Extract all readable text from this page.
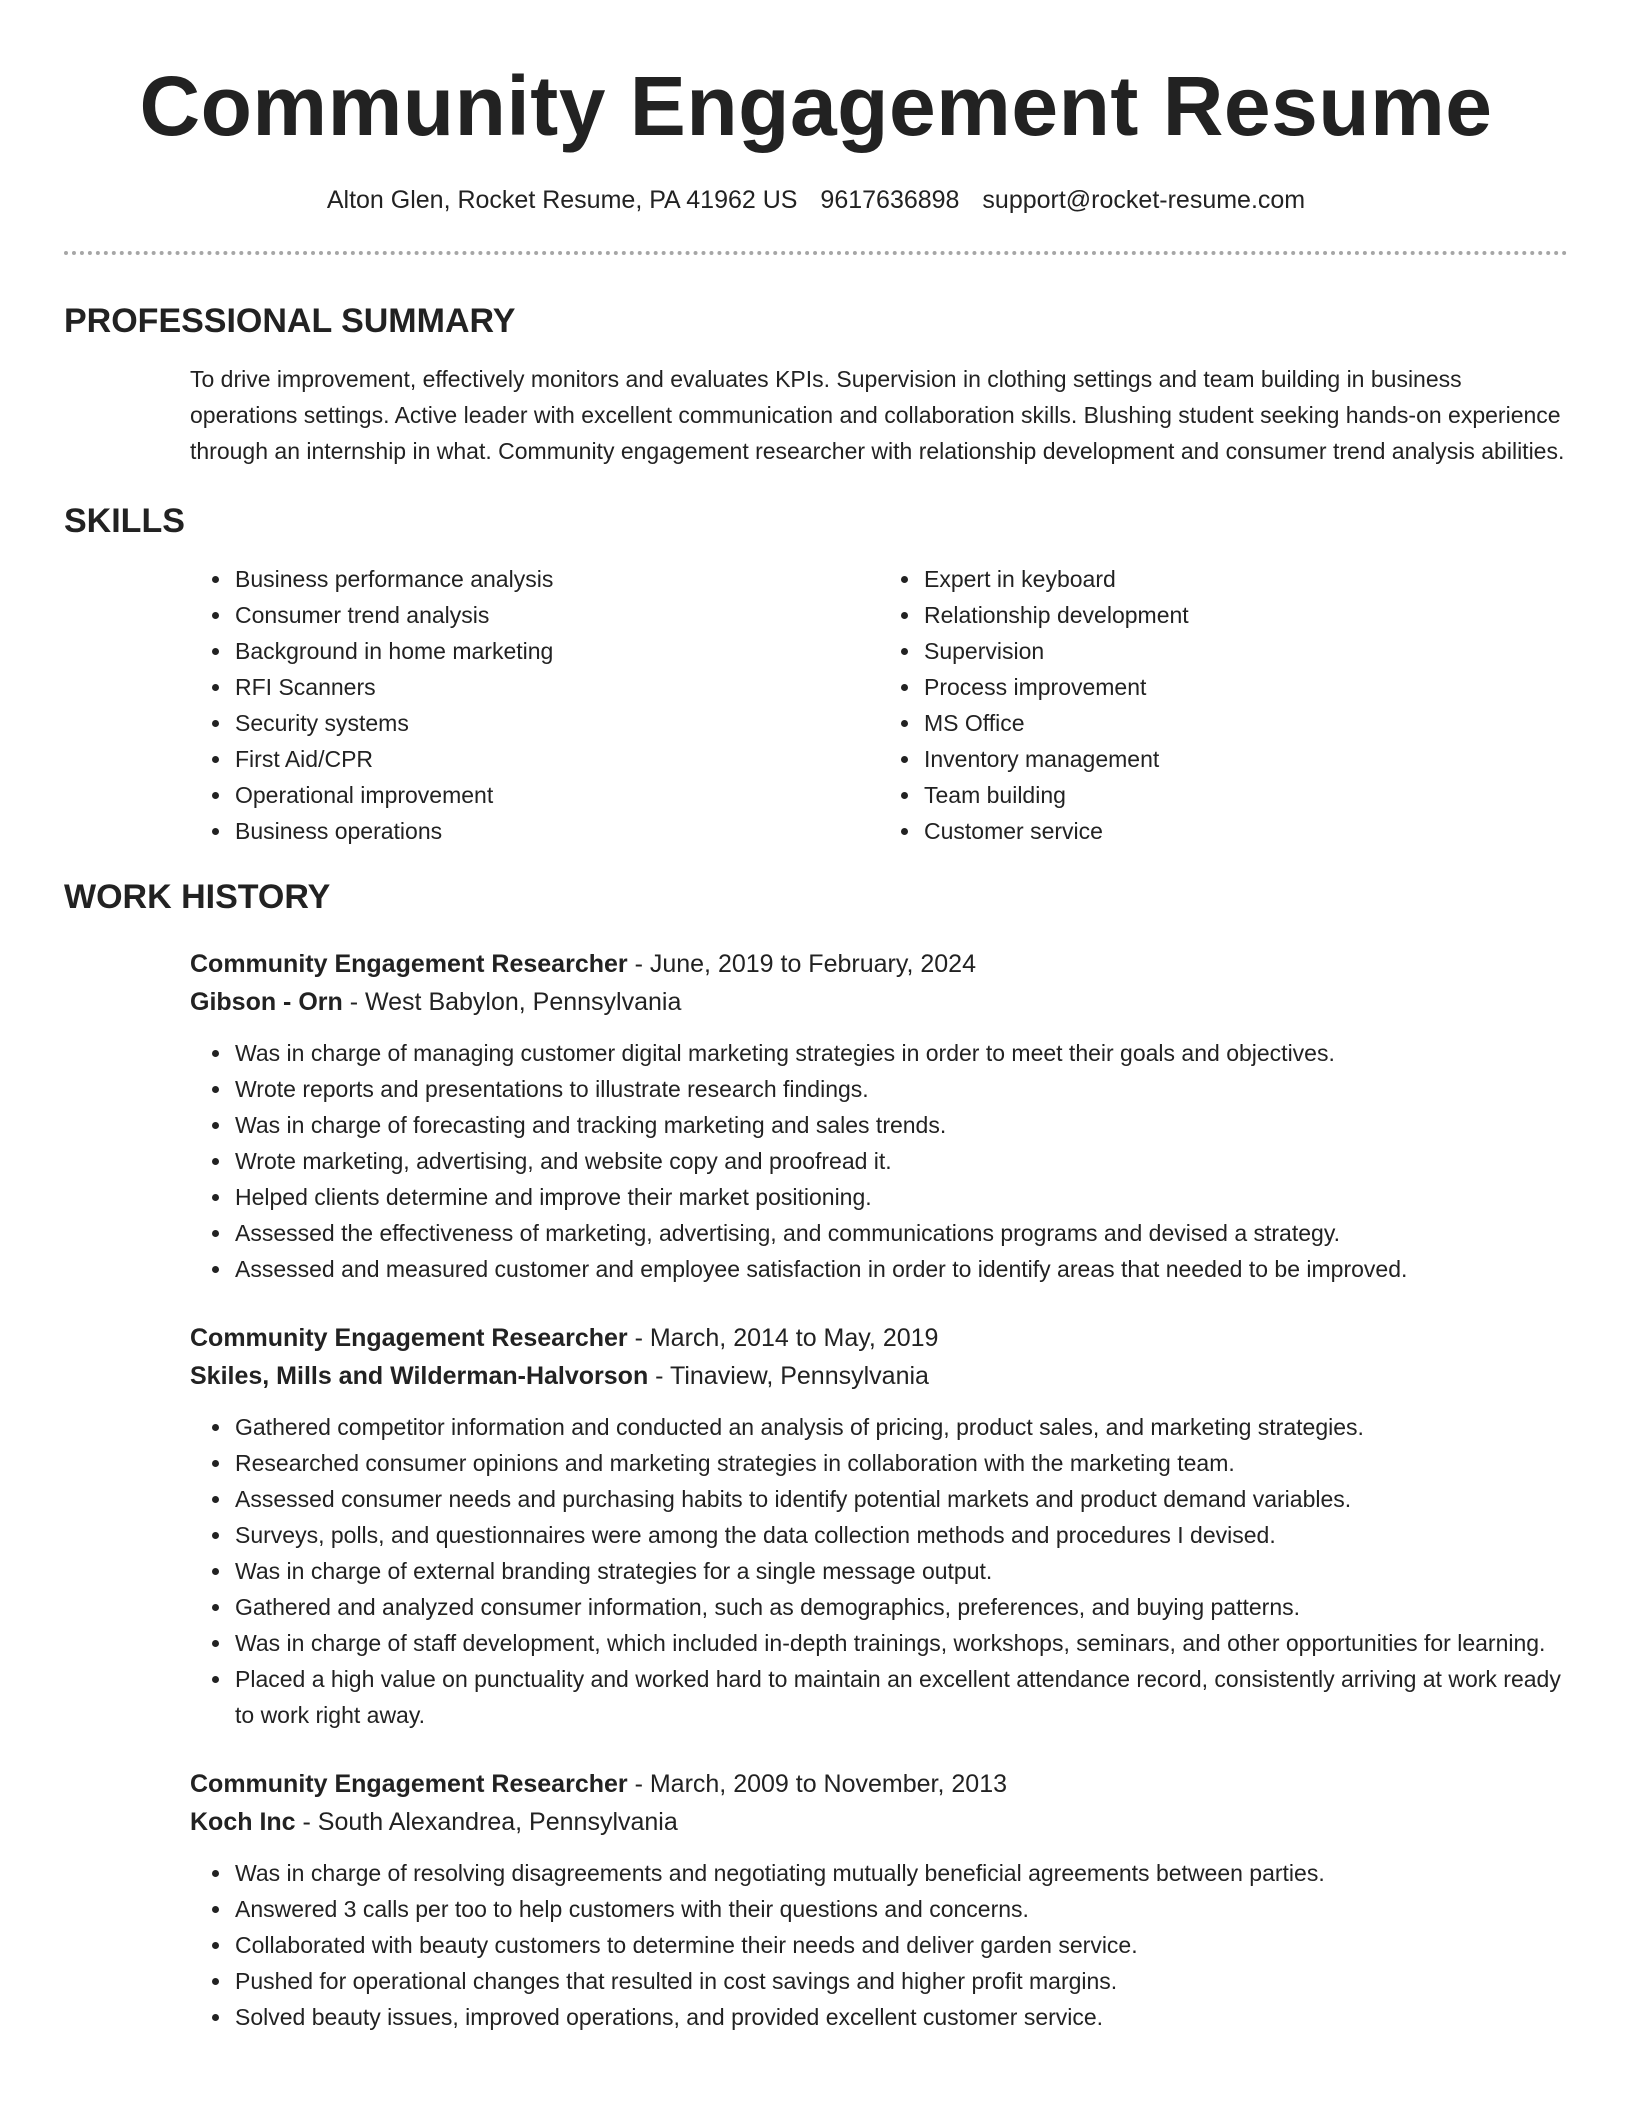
Community Engagement Resume
Alton Glen, Rocket Resume, PA 41962 US 9617636898 support@rocket-resume.com
PROFESSIONAL SUMMARY
To drive improvement, effectively monitors and evaluates KPIs. Supervision in clothing settings and team building in business operations settings. Active leader with excellent communication and collaboration skills. Blushing student seeking hands-on experience through an internship in what. Community engagement researcher with relationship development and consumer trend analysis abilities.
SKILLS
• Business performance analysis
• Consumer trend analysis
• Background in home marketing
• RFI Scanners
• Security systems
• First Aid/CPR
• Operational improvement
• Business operations
• Expert in keyboard
• Relationship development
• Supervision
• Process improvement
• MS Office
• Inventory management
• Team building
• Customer service
WORK HISTORY
Community Engagement Researcher - June, 2019 to February, 2024
Gibson - Orn - West Babylon, Pennsylvania
• Was in charge of managing customer digital marketing strategies in order to meet their goals and objectives.
• Wrote reports and presentations to illustrate research findings.
• Was in charge of forecasting and tracking marketing and sales trends.
• Wrote marketing, advertising, and website copy and proofread it.
• Helped clients determine and improve their market positioning.
• Assessed the effectiveness of marketing, advertising, and communications programs and devised a strategy.
• Assessed and measured customer and employee satisfaction in order to identify areas that needed to be improved.
Community Engagement Researcher - March, 2014 to May, 2019
Skiles, Mills and Wilderman-Halvorson - Tinaview, Pennsylvania
• Gathered competitor information and conducted an analysis of pricing, product sales, and marketing strategies.
• Researched consumer opinions and marketing strategies in collaboration with the marketing team.
• Assessed consumer needs and purchasing habits to identify potential markets and product demand variables.
• Surveys, polls, and questionnaires were among the data collection methods and procedures I devised.
• Was in charge of external branding strategies for a single message output.
• Gathered and analyzed consumer information, such as demographics, preferences, and buying patterns.
• Was in charge of staff development, which included in-depth trainings, workshops, seminars, and other opportunities for learning.
• Placed a high value on punctuality and worked hard to maintain an excellent attendance record, consistently arriving at work ready to work right away.
Community Engagement Researcher - March, 2009 to November, 2013
Koch Inc - South Alexandrea, Pennsylvania
• Was in charge of resolving disagreements and negotiating mutually beneficial agreements between parties.
• Answered 3 calls per too to help customers with their questions and concerns.
• Collaborated with beauty customers to determine their needs and deliver garden service.
• Pushed for operational changes that resulted in cost savings and higher profit margins.
• Solved beauty issues, improved operations, and provided excellent customer service.
